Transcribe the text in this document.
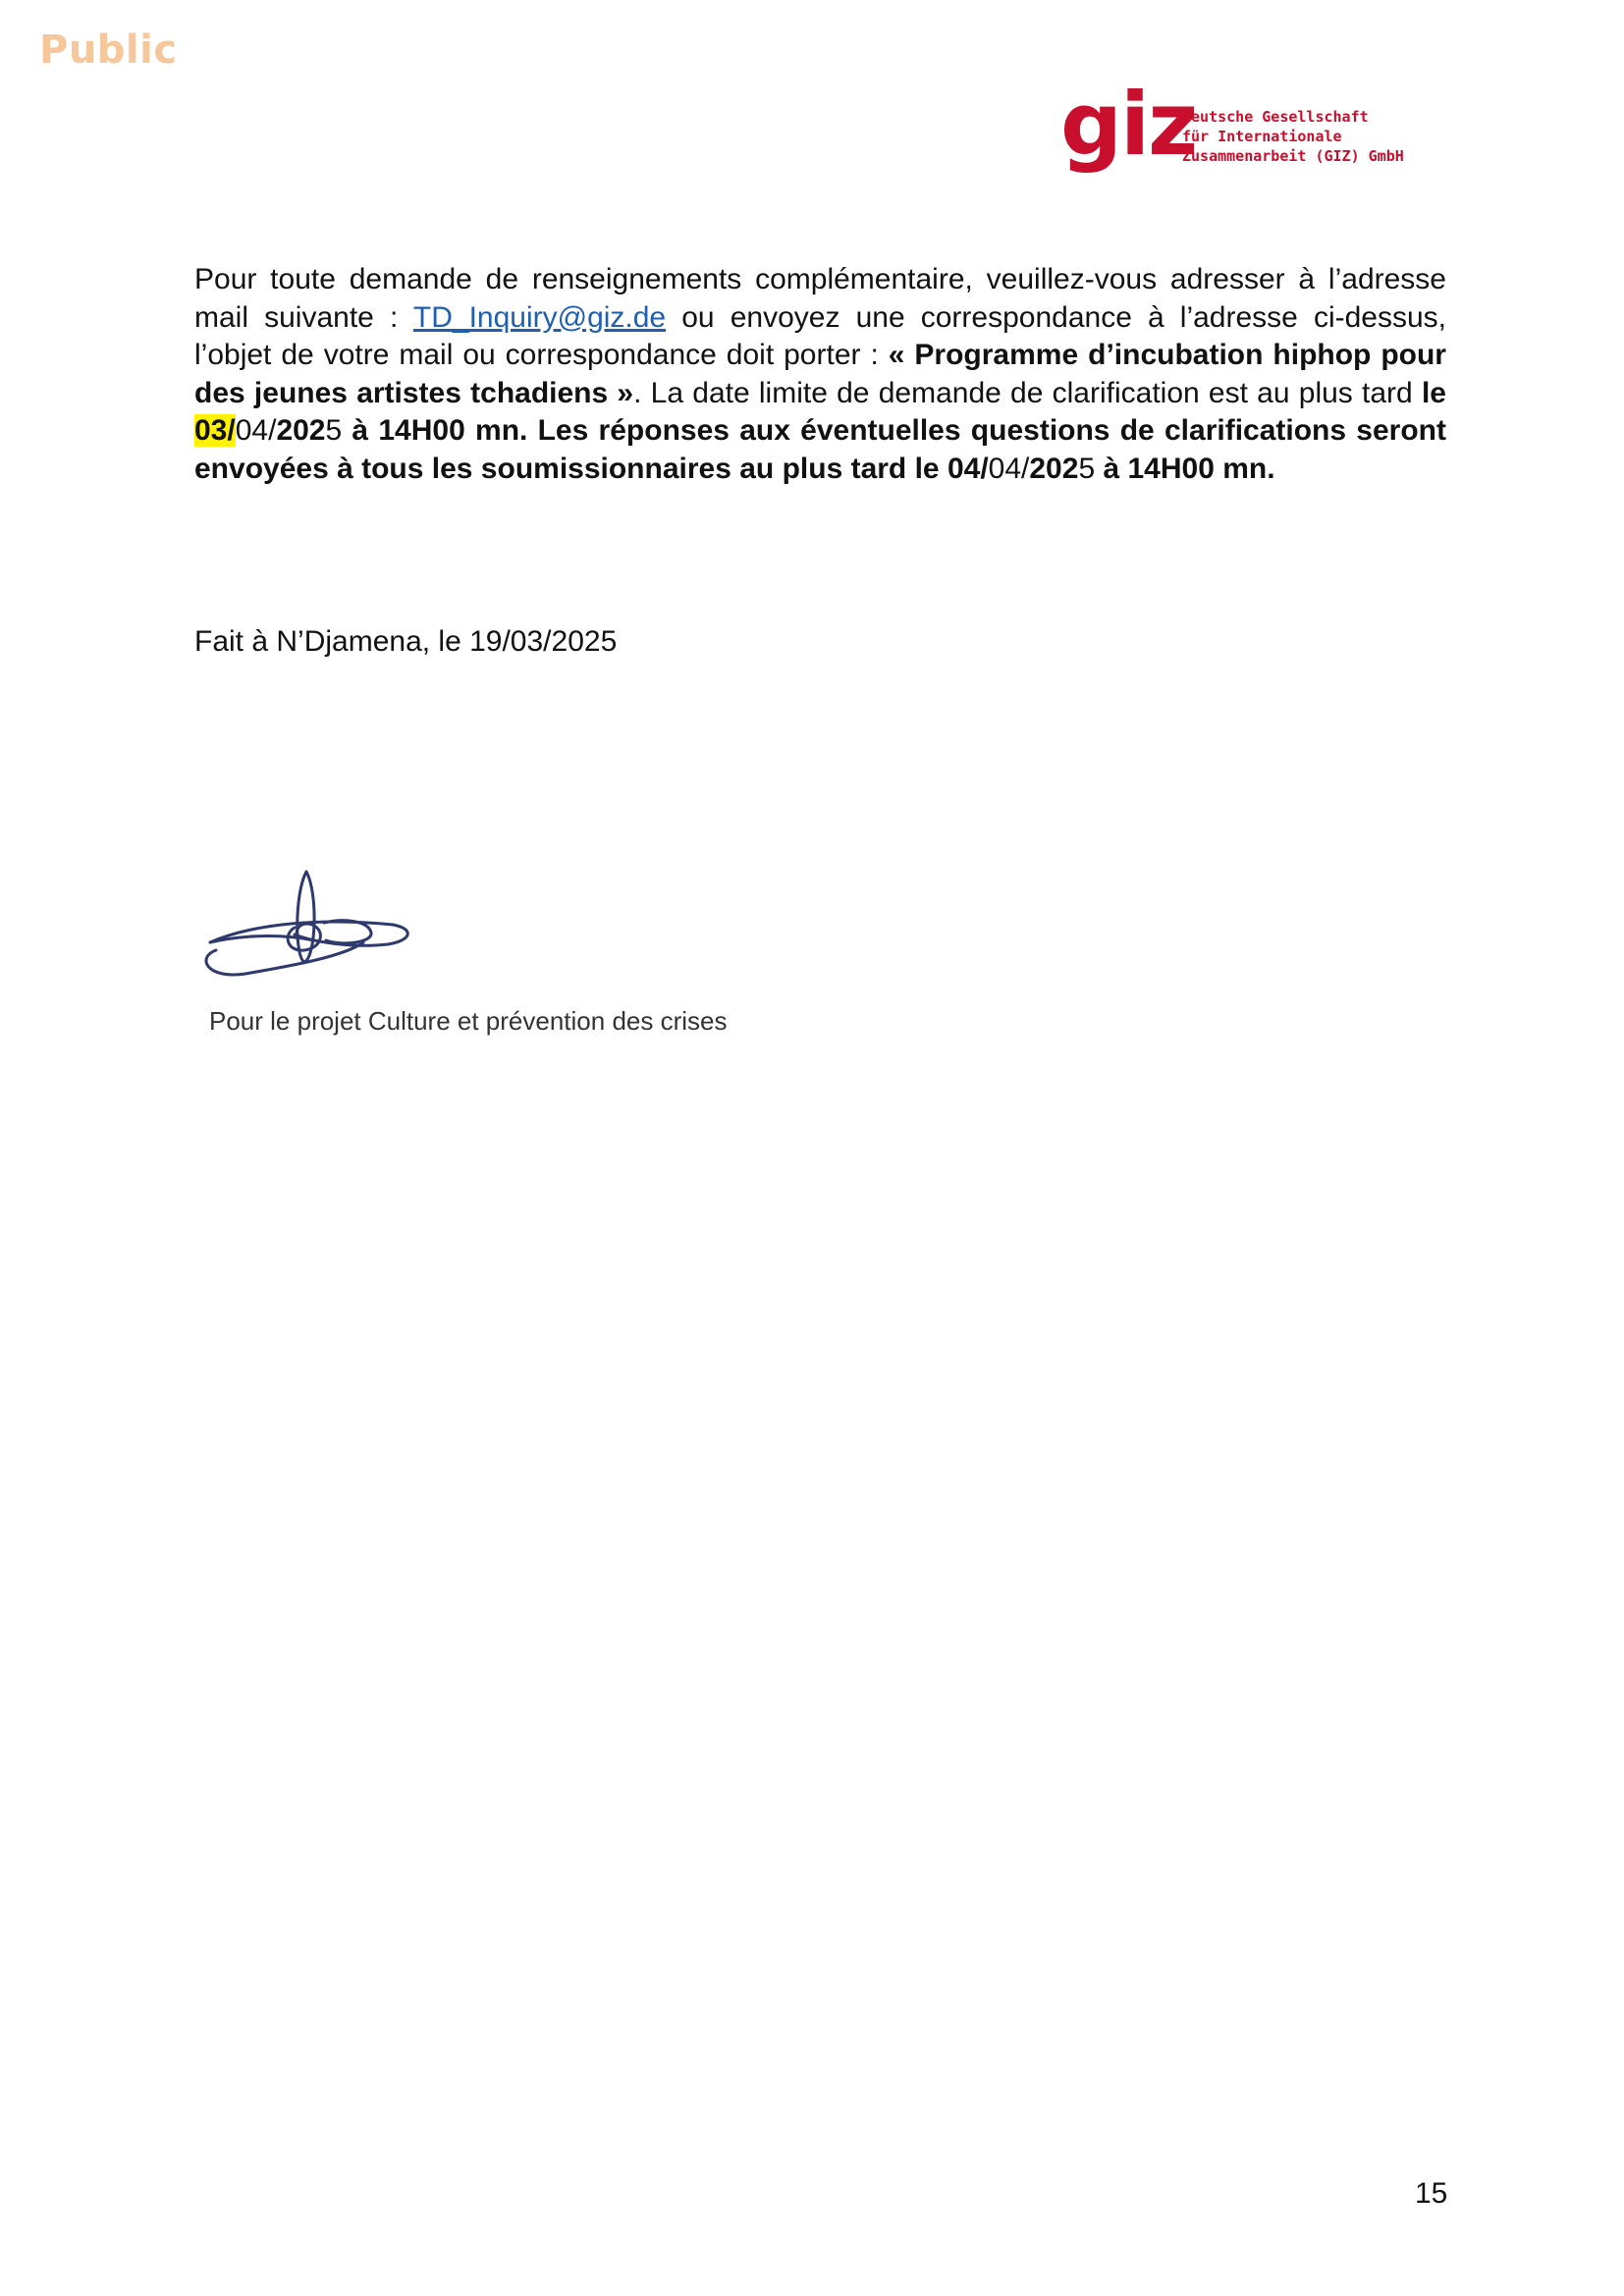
Public
giz
Deutsche Gesellschaft
für Internationale
Zusammenarbeit (GIZ) GmbH
Pour toute demande de renseignements complémentaire, veuillez-vous adresser à l’adresse mail suivante : TD_Inquiry@giz.de ou envoyez une correspondance à l’adresse ci-dessus, l’objet de votre mail ou correspondance doit porter : « Programme d’incubation hiphop pour des jeunes artistes tchadiens ». La date limite de demande de clarification est au plus tard le 03/04/2025 à 14H00 mn. Les réponses aux éventuelles questions de clarifications seront envoyées à tous les soumissionnaires au plus tard le 04/04/2025 à 14H00 mn.
Fait à N’Djamena, le 19/03/2025
Pour le projet Culture et prévention des crises
15
